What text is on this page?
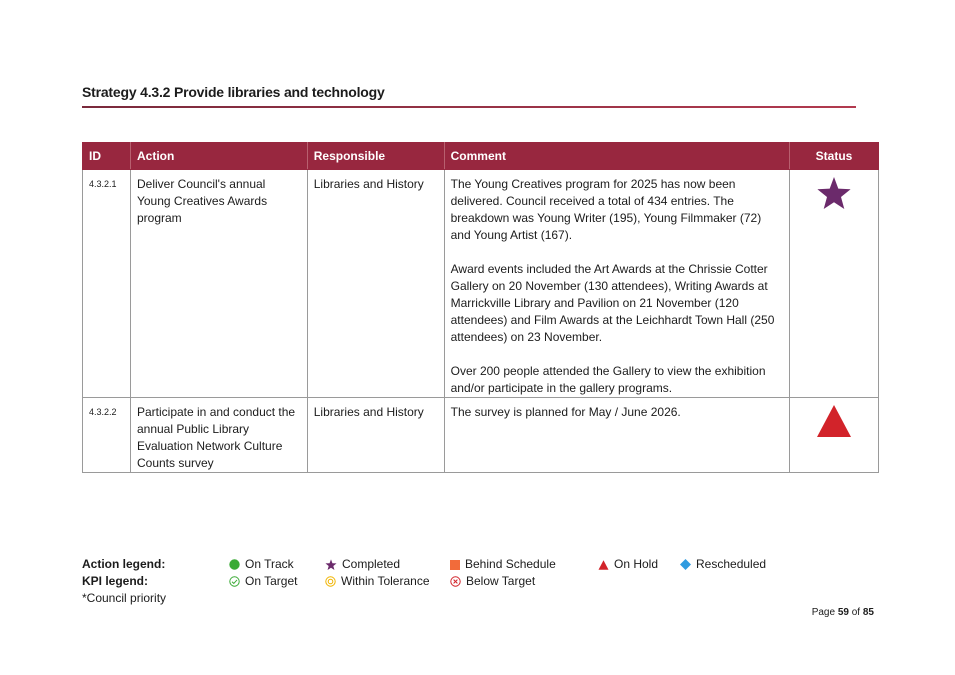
Strategy 4.3.2 Provide libraries and technology
ID	Action	Responsible	Comment	Status
4.3.2.1	Deliver Council's annual Young Creatives Awards program	Libraries and History	The Young Creatives program for 2025 has now been delivered. Council received a total of 434 entries. The breakdown was Young Writer (195), Young Filmmaker (72) and Young Artist (167).

Award events included the Art Awards at the Chrissie Cotter Gallery on 20 November (130 attendees), Writing Awards at Marrickville Library and Pavilion on 21 November (120 attendees) and Film Awards at the Leichhardt Town Hall (250 attendees) on 23 November.

Over 200 people attended the Gallery to view the exhibition and/or participate in the gallery programs.

4.3.2.2	Participate in and conduct the annual Public Library Evaluation Network Culture Counts survey	Libraries and History	The survey is planned for May / June 2026.

Action legend:	On Track	Completed	Behind Schedule	On Hold	Rescheduled
KPI legend:	On Target	Within Tolerance	Below Target
*Council priority
Page 59 of 85
